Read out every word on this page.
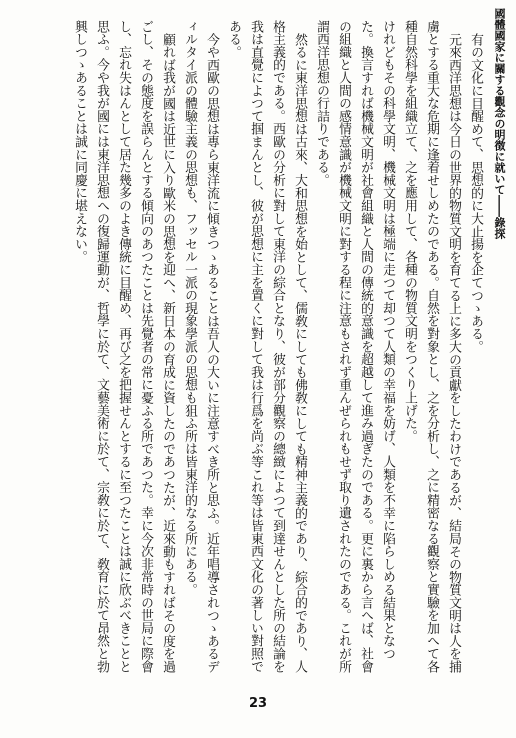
國體國家に關する觀念の明徴に就いて――錄探

有の文化に目醒めて、思想的に大止揚を企てつゝある。

元來西洋思想は今日の世界的物質文明を育てる上に多大の貢獻をしたわけであるが、結局その物質文明は人を捕虜とする重大な危期に逢着せしめたのである。自然を對象とし、之を分析し、之に精密なる觀察と實驗を加へて各種自然科學を組織立て、之を應用して、各種の物質文明をつくり上げた。

けれどもその科學文明、機械文明は極端に走つて却つて人類の幸福を妨げ、人類を不幸に陷らしめる結果となつた。換言すれば機械文明が社會組織と人間の傳統的意識を超越して進み過ぎたのである。更に裏から言へば、社會の組織と人間の感情意識が機械文明に對する程に注意もされず重んぜられもせず取り遺されたのである。これが所謂西洋思想の行詰りである。

然るに東洋思想は古來、大和思想を始として、儒敎にしても佛敎にしても精神主義的であり、綜合的であり、人格主義的である。西歐の分析に對して東洋の綜合となり、彼が部分觀察の總緻によつて到達せんとした所の結論を我は直覺によつて掴まんとし、彼が思想に主を置くに對して我は行爲を尚ぶ等これ等は皆東西文化の著しい對照である。

今や西歐の思想は專ら東洋流に傾きつゝあることは吾人の大いに注意すべき所と思ふ。近年唱導されつゝあるディルタイ派の體驗主義の思想も、フッセル一派の現象學派の思想も狙ふ所は皆東洋的なる所にある。

顧れば我が國は近世に入り歐米の思想を迎へ、新日本の育成に資したのであつたが、近來動もすればその度を過ごし、その態度を誤らんとする傾向のあつたことは先覺者の常に憂ふる所であつた。幸に今次非常時の世局に際會し、忘れ失はんとして居た幾多のよき傳統に目醒め、再び之を把握せんとするに至つたことは誠に欣ぶべきことと思ふ。今や我が國には東洋思想への復歸運動が、哲學に於て、文藝美術に於て、宗敎に於て、敎育に於て昂然と勃興しつゝあることは誠に同慶に堪えない。

23
